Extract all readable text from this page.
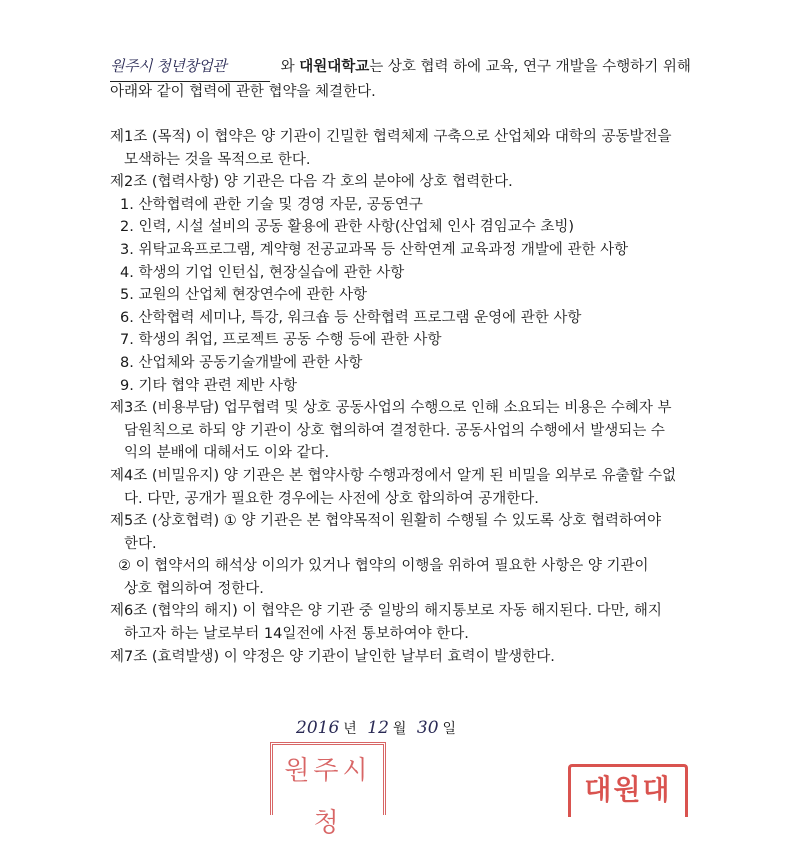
원주시 청년창업관	와 대원대학교는 상호 협력 하에 교육, 연구 개발을 수행하기 위해
아래와 같이 협력에 관한 협약을 체결한다.
제1조 (목적) 이 협약은 양 기관이 긴밀한 협력체제 구축으로 산업체와 대학의 공동발전을
모색하는 것을 목적으로 한다.
제2조 (협력사항) 양 기관은 다음 각 호의 분야에 상호 협력한다.
1. 산학협력에 관한 기술 및 경영 자문, 공동연구
2. 인력, 시설 설비의 공동 활용에 관한 사항(산업체 인사 겸임교수 초빙)
3. 위탁교육프로그램, 계약형 전공교과목 등 산학연계 교육과정 개발에 관한 사항
4. 학생의 기업 인턴십, 현장실습에 관한 사항
5. 교원의 산업체 현장연수에 관한 사항
6. 산학협력 세미나, 특강, 워크숍 등 산학협력 프로그램 운영에 관한 사항
7. 학생의 취업, 프로젝트 공동 수행 등에 관한 사항
8. 산업체와 공동기술개발에 관한 사항
9. 기타 협약 관련 제반 사항
제3조 (비용부담) 업무협력 및 상호 공동사업의 수행으로 인해 소요되는 비용은 수혜자 부
담원칙으로 하되 양 기관이 상호 협의하여 결정한다. 공동사업의 수행에서 발생되는 수
익의 분배에 대해서도 이와 같다.
제4조 (비밀유지) 양 기관은 본 협약사항 수행과정에서 알게 된 비밀을 외부로 유출할 수없
다. 다만, 공개가 필요한 경우에는 사전에 상호 합의하여 공개한다.
제5조 (상호협력) ① 양 기관은 본 협약목적이 원활히 수행될 수 있도록 상호 협력하여야
한다.
② 이 협약서의 해석상 이의가 있거나 협약의 이행을 위하여 필요한 사항은 양 기관이
상호 협의하여 정한다.
제6조 (협약의 해지) 이 협약은 양 기관 중 일방의 해지통보로 자동 해지된다. 다만, 해지
하고자 하는 날로부터 14일전에 사전 통보하여야 한다.
제7조 (효력발생) 이 약정은 양 기관이 날인한 날부터 효력이 발생한다.
2016 년 12 월 30 일
원주시청
대원대
